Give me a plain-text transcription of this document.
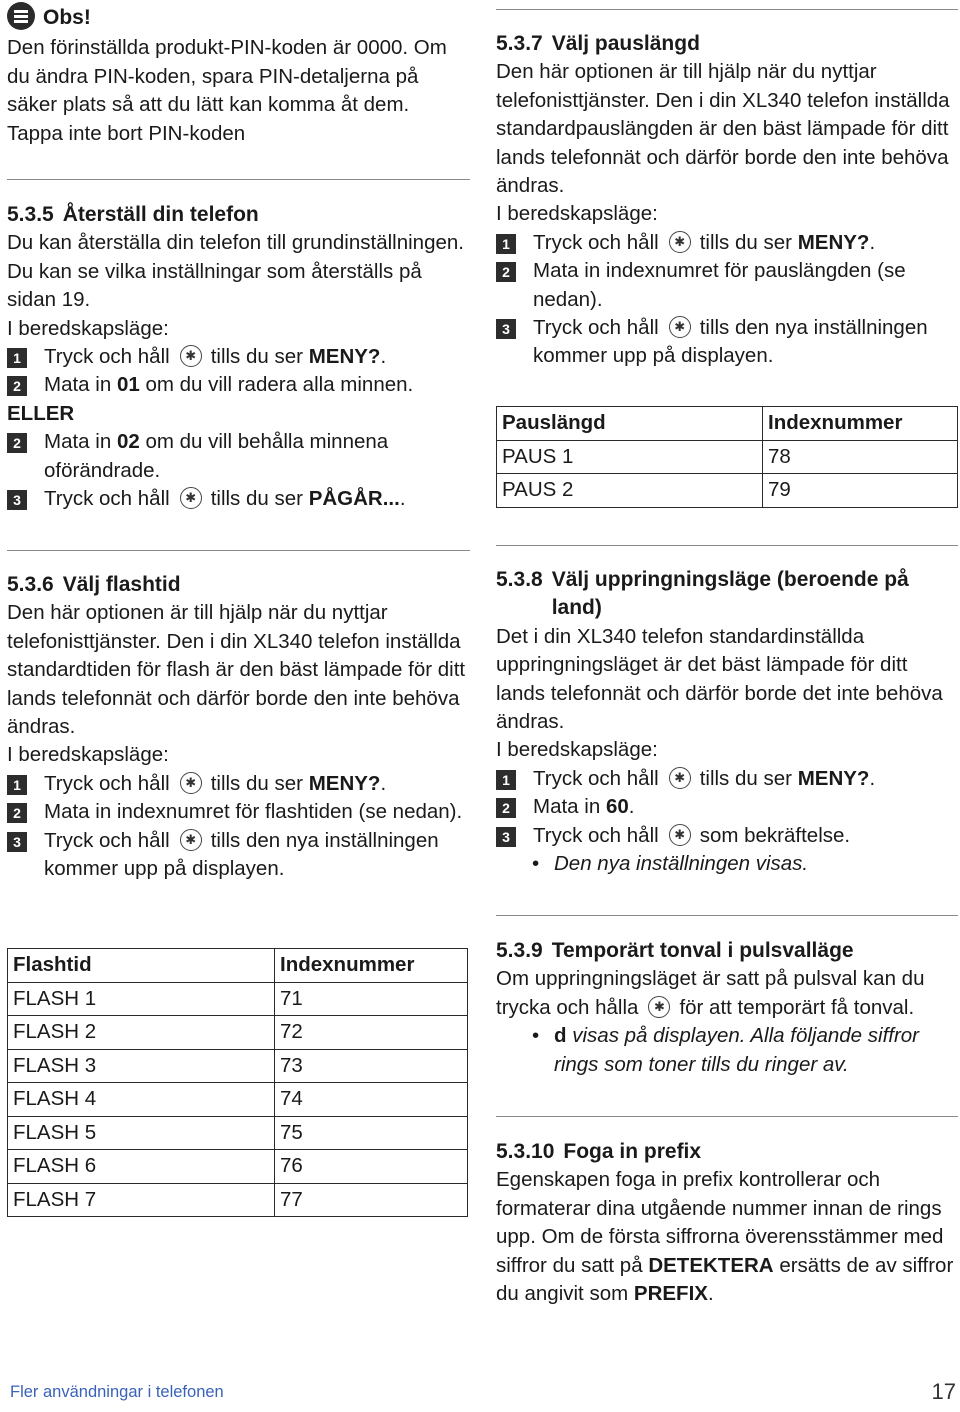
Obs!

Den förinställda produkt-PIN-koden är 0000. Om du ändra PIN-koden, spara PIN-detaljerna på säker plats så att du lätt kan komma åt dem. Tappa inte bort PIN-koden

5.3.5 Återställ din telefon

Du kan återställa din telefon till grundinställningen. Du kan se vilka inställningar som återställs på sidan 19.

I beredskapsläge:

1 Tryck och håll ✱ tills du ser MENY?.
2 Mata in 01 om du vill radera alla minnen.
ELLER
2 Mata in 02 om du vill behålla minnena oförändrade.
3 Tryck och håll ✱ tills du ser PÅGÅR....
5.3.6 Välj flashtid

Den här optionen är till hjälp när du nyttjar telefonisttjänster. Den i din XL340 telefon inställda standardtiden för flash är den bäst lämpade för ditt lands telefonnät och därför borde den inte behöva ändras.

I beredskapsläge:

1 Tryck och håll ✱ tills du ser MENY?.
2 Mata in indexnumret för flashtiden (se nedan).
3 Tryck och håll ✱ tills den nya inställningen kommer upp på displayen.
Flashtid	Indexnummer
FLASH 1	71
FLASH 2	72
FLASH 3	73
FLASH 4	74
FLASH 5	75
FLASH 6	76
FLASH 7	77
5.3.7 Välj pauslängd

Den här optionen är till hjälp när du nyttjar telefonisttjänster. Den i din XL340 telefon inställda standardpauslängden är den bäst lämpade för ditt lands telefonnät och därför borde den inte behöva ändras.

I beredskapsläge:

1 Tryck och håll ✱ tills du ser MENY?.
2 Mata in indexnumret för pauslängden (se nedan).
3 Tryck och håll ✱ tills den nya inställningen kommer upp på displayen.
Pauslängd	Indexnummer
PAUS 1	78
PAUS 2	79
5.3.8 Välj uppringningsläge (beroende på land)

Det i din XL340 telefon standardinställda uppringningsläget är det bäst lämpade för ditt lands telefonnät och därför borde det inte behöva ändras.

I beredskapsläge:

1 Tryck och håll ✱ tills du ser MENY?.
2 Mata in 60.
3 Tryck och håll ✱ som bekräftelse.
• Den nya inställningen visas.
5.3.9 Temporärt tonval i pulsvalläge

Om uppringningsläget är satt på pulsval kan du trycka och hålla ✱ för att temporärt få tonval.

• d visas på displayen. Alla följande siffror rings som toner tills du ringer av.
5.3.10 Foga in prefix

Egenskapen foga in prefix kontrollerar och formaterar dina utgående nummer innan de rings upp. Om de första siffrorna överensstämmer med siffror du satt på DETEKTERA ersätts de av siffror du angivit som PREFIX.

Fler användningar i telefonen	17
